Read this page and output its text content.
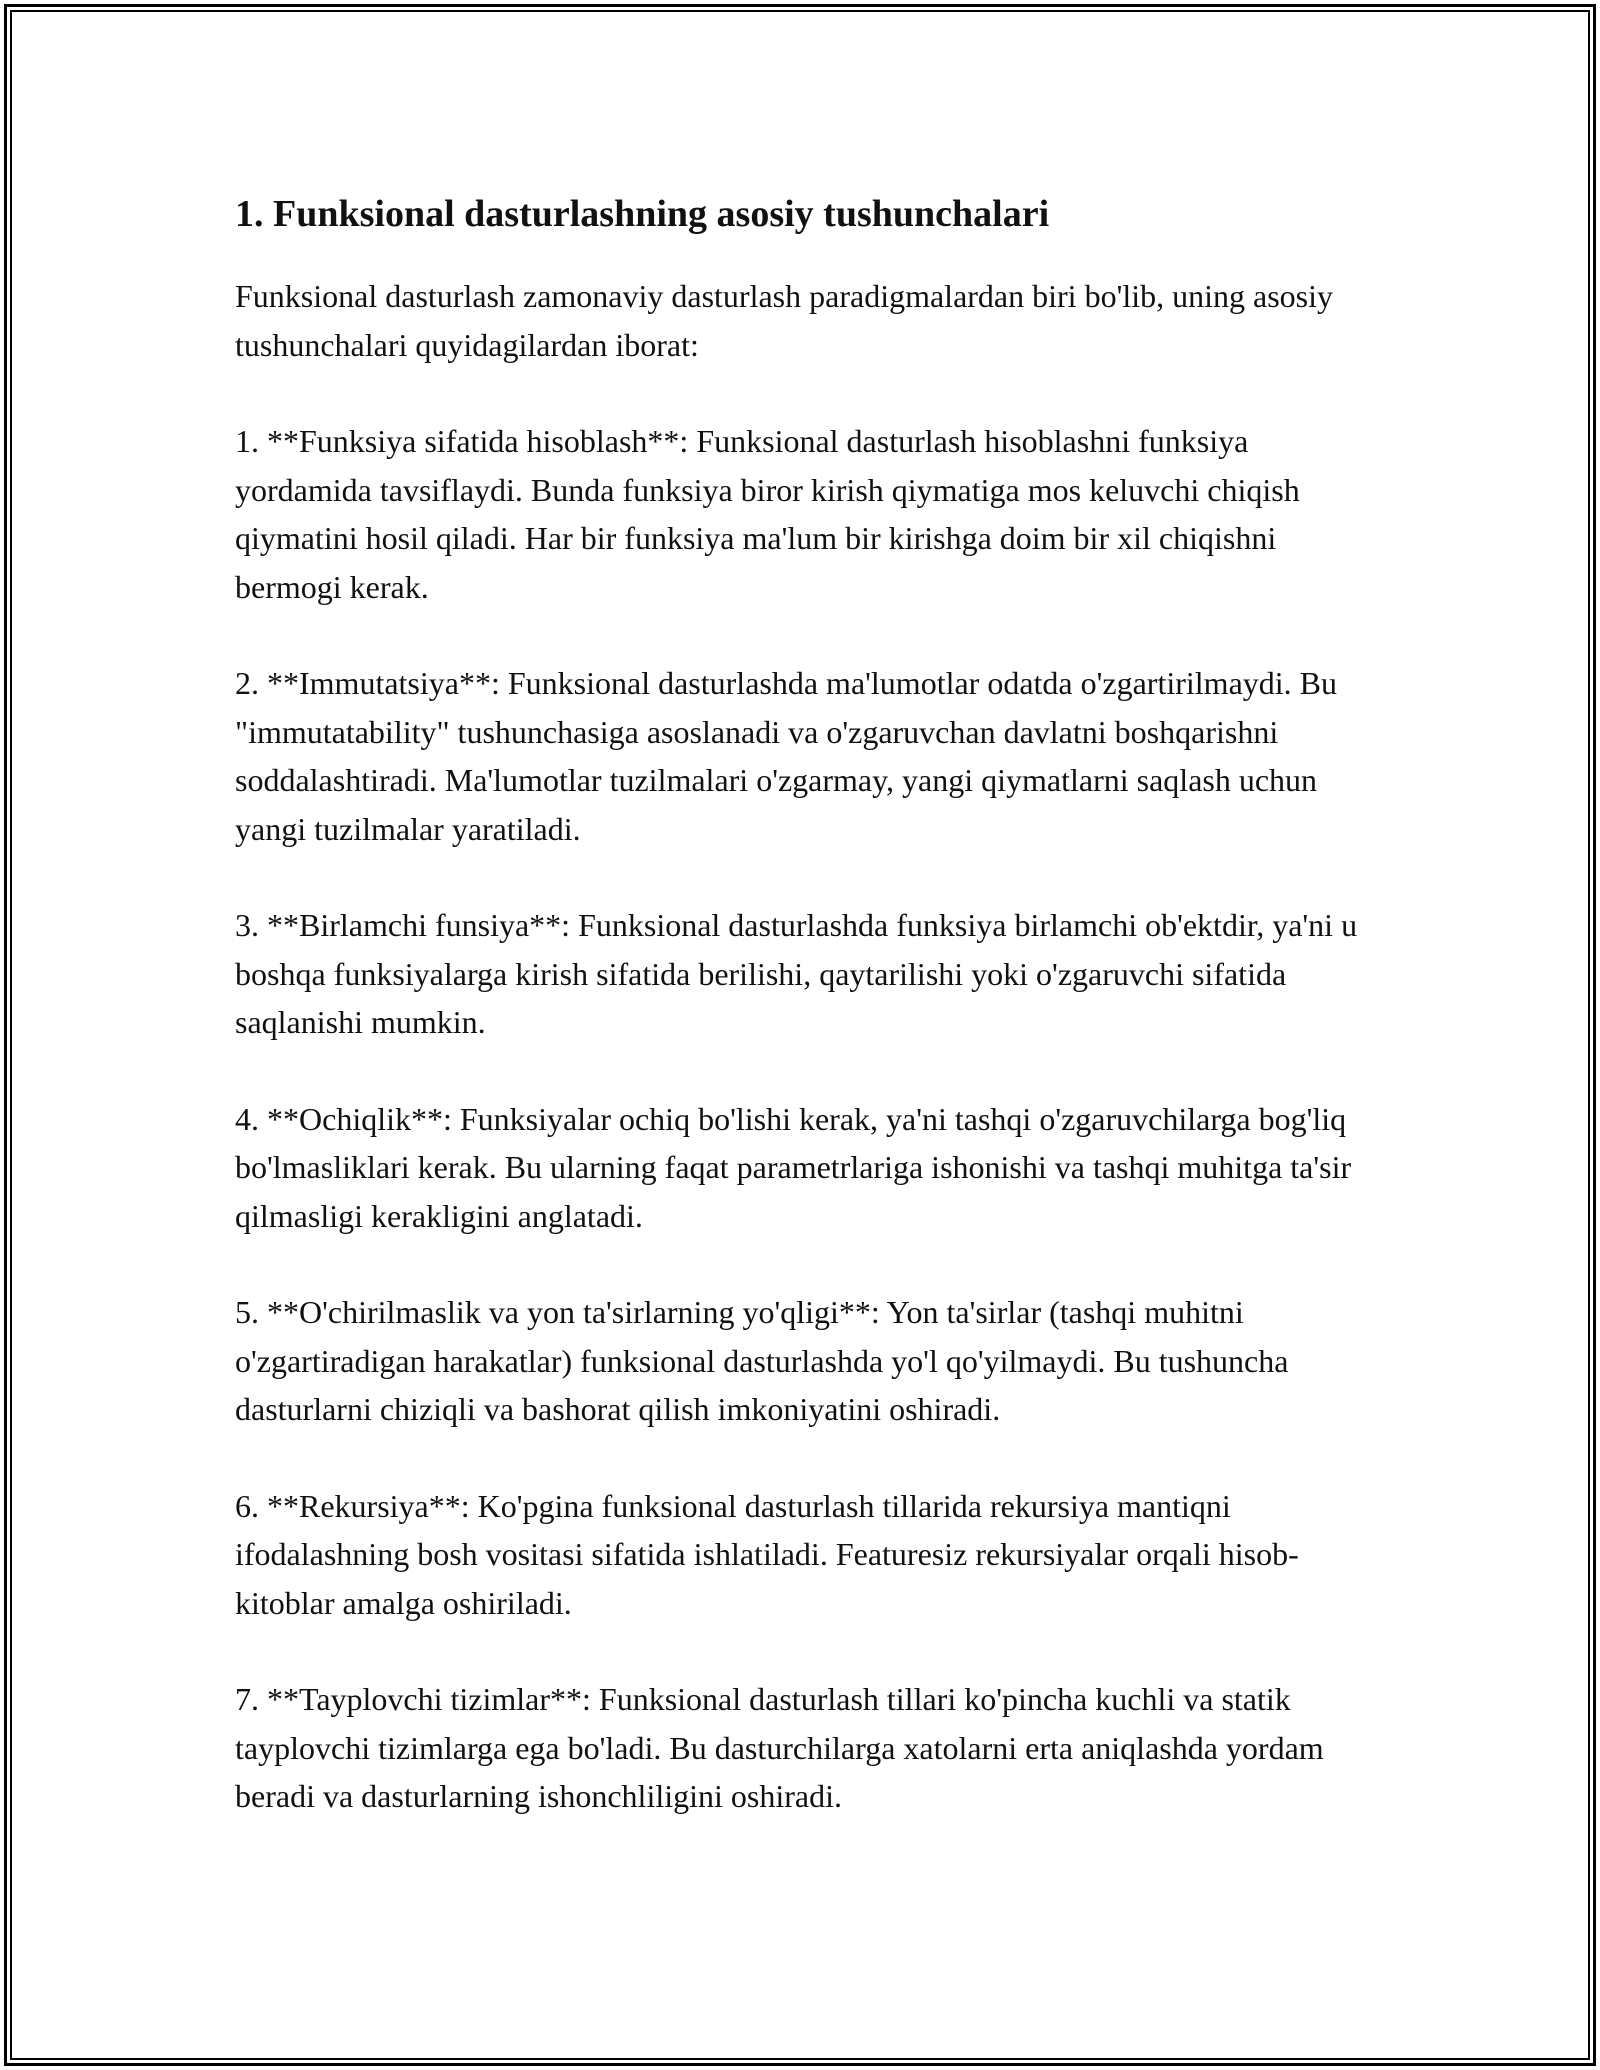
1. Funksional dasturlashning asosiy tushunchalari

Funksional dasturlash zamonaviy dasturlash paradigmalardan biri bo'lib, uning asosiy tushunchalari quyidagilardan iborat:

1. **Funksiya sifatida hisoblash**: Funksional dasturlash hisoblashni funksiya yordamida tavsiflaydi. Bunda funksiya biror kirish qiymatiga mos keluvchi chiqish qiymatini hosil qiladi. Har bir funksiya ma'lum bir kirishga doim bir xil chiqishni bermogi kerak.

2. **Immutatsiya**: Funksional dasturlashda ma'lumotlar odatda o'zgartirilmaydi. Bu "immutatability" tushunchasiga asoslanadi va o'zgaruvchan davlatni boshqarishni soddalashtiradi. Ma'lumotlar tuzilmalari o'zgarmay, yangi qiymatlarni saqlash uchun yangi tuzilmalar yaratiladi.

3. **Birlamchi funsiya**: Funksional dasturlashda funksiya birlamchi ob'ektdir, ya'ni u boshqa funksiyalarga kirish sifatida berilishi, qaytarilishi yoki o'zgaruvchi sifatida saqlanishi mumkin.

4. **Ochiqlik**: Funksiyalar ochiq bo'lishi kerak, ya'ni tashqi o'zgaruvchilarga bog'liq bo'lmasliklari kerak. Bu ularning faqat parametrlariga ishonishi va tashqi muhitga ta'sir qilmasligi kerakligini anglatadi.

5. **O'chirilmaslik va yon ta'sirlarning yo'qligi**: Yon ta'sirlar (tashqi muhitni o'zgartiradigan harakatlar) funksional dasturlashda yo'l qo'yilmaydi. Bu tushuncha dasturlarni chiziqli va bashorat qilish imkoniyatini oshiradi.

6. **Rekursiya**: Ko'pgina funksional dasturlash tillarida rekursiya mantiqni ifodalashning bosh vositasi sifatida ishlatiladi. Featuresiz rekursiyalar orqali hisob-kitoblar amalga oshiriladi.

7. **Tayplovchi tizimlar**: Funksional dasturlash tillari ko'pincha kuchli va statik tayplovchi tizimlarga ega bo'ladi. Bu dasturchilarga xatolarni erta aniqlashda yordam beradi va dasturlarning ishonchliligini oshiradi.
